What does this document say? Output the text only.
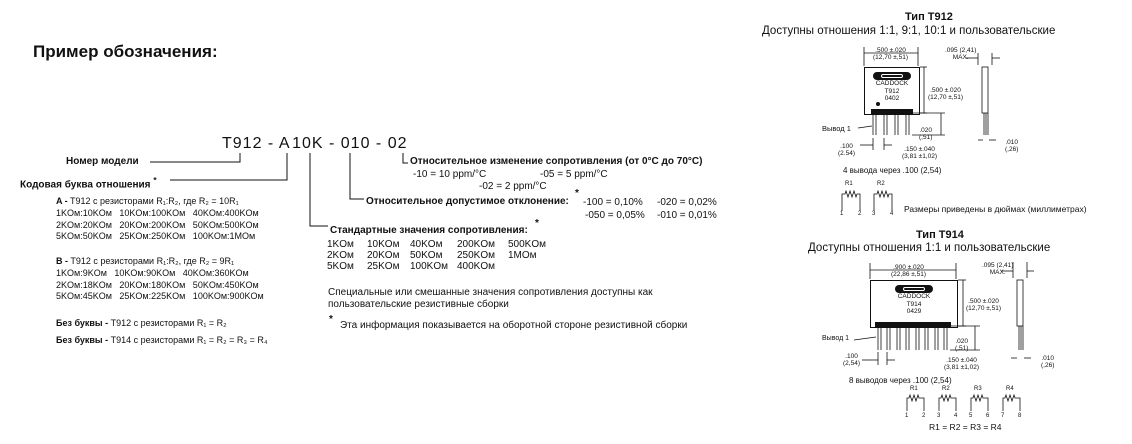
Пример обозначения:
T912 - A 10K - 010 - 02
Номер модели
Кодовая буква отношения *
Относительное изменение сопротивления (от 0°C до 70°C)
-10 = 10 ppm/°C	-05 = 5 ppm/°C
-02 = 2 ppm/°C
Относительное допустимое отклонение:
*
-100 = 0,10% -020 = 0,02%
-050 = 0,05% -010 = 0,01%
Стандартные значения сопротивления:
*
1KОм	10KОм	40KОм	200KОм	500KОм
2KОм	20KОм	50KОм	250KОм	1MОм
5KОм	25KОм	100KОм	400KОм	
Специальные или смешанные значения сопротивления доступны как
пользовательские резистивные сборки
*
Эта информация показывается на оборотной стороне резистивной сборки
A - T912 с резисторами R₁:R₂, где R₂ = 10R₁
1KОм:10KОм   10KОм:100KОм   40KОм:400KОм
2KОм:20KОм   20KОм:200KОм   50KОм:500KОм
5KОм:50KОм   25KОм:250KОм   100KОм:1MОм
B - T912 с резисторами R₁:R₂, где R₂ = 9R₁
1KОм:9KОм   10KОм:90KОм   40KОм:360KОм
2KОм:18KОм   20KОм:180KОм   50KОм:450KОм
5KОм:45KОм   25KОм:225KОм   100KОм:900KОм
Без буквы - T912 с резисторами R₁ = R₂
Без буквы - T914 с резисторами R₁ = R₂ = R₃ = R₄
Тип T912
Доступны отношения 1:1, 9:1, 10:1 и пользовательские
CADDOCK
T912
0402
.500 ±.020
(12,70 ±,51)
.095 (2,41)
MAX.
.500 ±.020
(12,70 ±,51)
Вывод 1	.020
(,51)
.100
(2.54)
.150 ±.040
(3,81 ±1,02)
.010
(,26)
4 вывода через .100 (2,54)
R1	R2
1 2 3 4 Размеры приведены в дюймах (миллиметрах)
Тип T914
Доступны отношения 1:1 и пользовательские
CADDOCK
T914
0429
.900 ±.020
(22,86 ±,51)
.095 (2,41)
MAX.
.500 ±.020
(12,70 ±,51)
Вывод 1	.020
(,51)
.100
(2,54)	.150 ±.040
(3,81 ±1,02)
.010
(,26)
8 выводов через .100 (2,54)
R1	R2	R3	R4
1 2 3 4 5 6 7 8
R1 = R2 = R3 = R4
